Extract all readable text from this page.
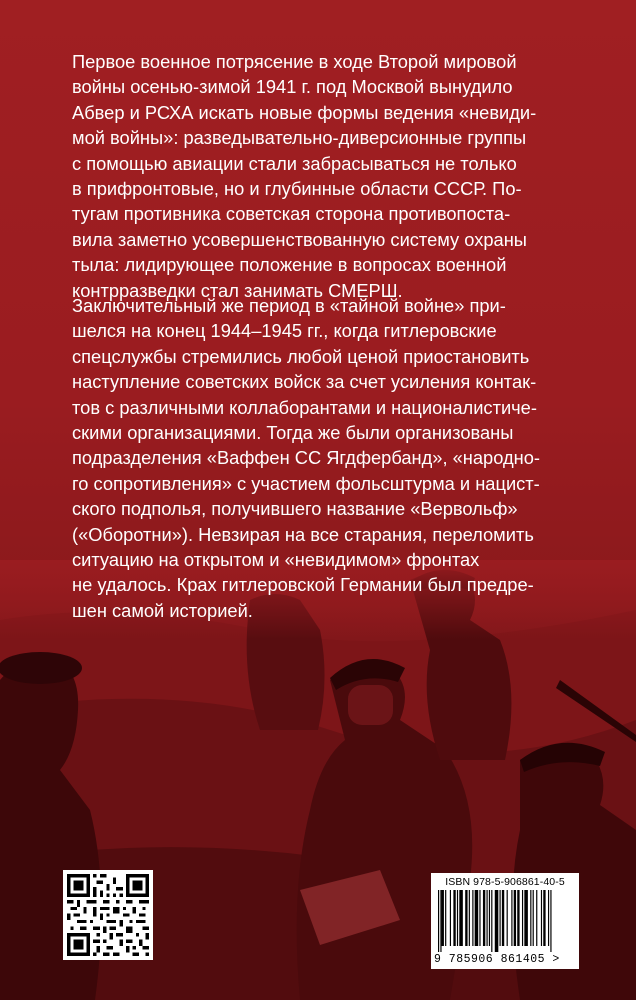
Первое военное потрясение в ходе Второй мировой
войны осенью-зимой 1941 г. под Москвой вынудило
Абвер и РСХА искать новые формы ведения «невиди-
мой войны»: разведывательно-диверсионные группы
с помощью авиации стали забрасываться не только
в прифронтовые, но и глубинные области СССР. По-
тугам противника советская сторона противопоста-
вила заметно усовершенствованную систему охраны
тыла: лидирующее положение в вопросах военной
контрразведки стал занимать СМЕРШ.
Заключительный же период в «тайной войне» при-
шелся на конец 1944–1945 гг., когда гитлеровские
спецслужбы стремились любой ценой приостановить
наступление советских войск за счет усиления контак-
тов с различными коллаборантами и националистиче-
скими организациями. Тогда же были организованы
подразделения «Ваффен СС Ягдфербанд», «народно-
го сопротивления» с участием фольсштурма и нацист-
ского подполья, получившего название «Вервольф»
(«Оборотни»). Невзирая на все старания, переломить
ситуацию на открытом и «невидимом» фронтах
не удалось. Крах гитлеровской Германии был предре-
шен самой историей.
ISBN 978-5-906861-40-5
9 785906 861405 >
